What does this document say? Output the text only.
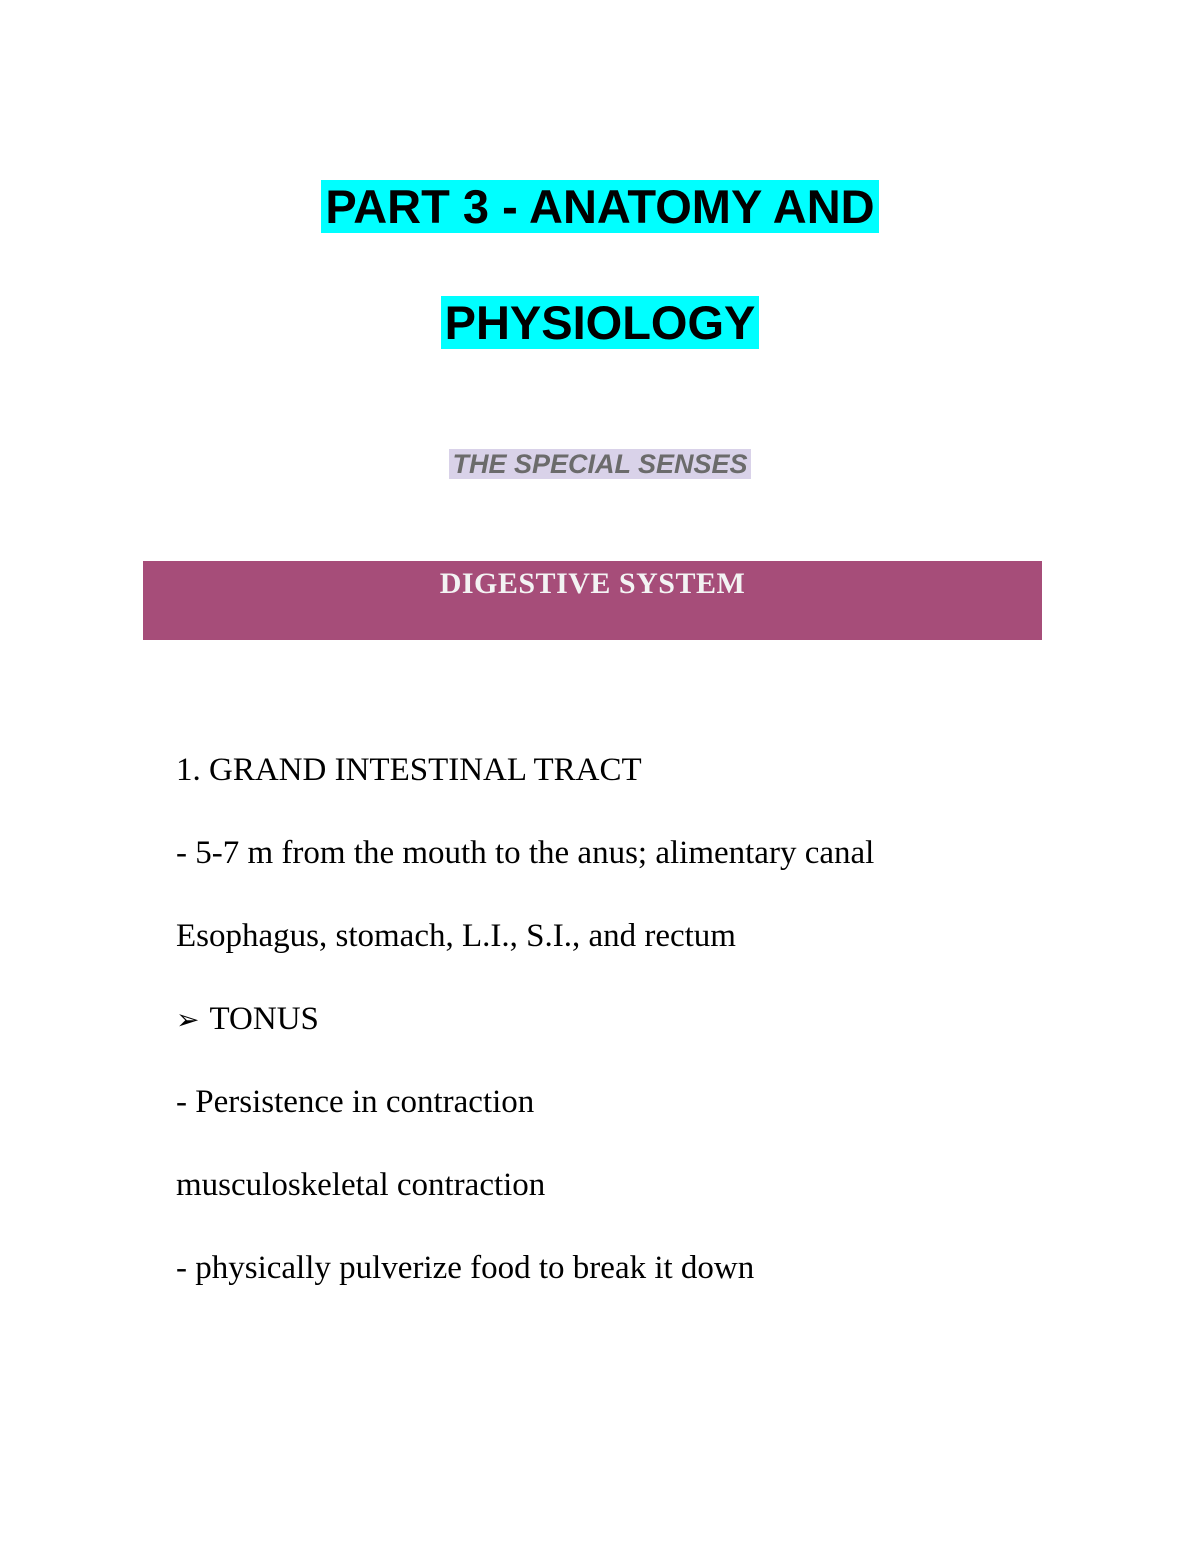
PART 3 - ANATOMY AND
PHYSIOLOGY
THE SPECIAL SENSES
DIGESTIVE SYSTEM
1. GRAND INTESTINAL TRACT
- 5-7 m from the mouth to the anus; alimentary canal
Esophagus, stomach, L.I., S.I., and rectum
➢ TONUS
- Persistence in contraction
musculoskeletal contraction
- physically pulverize food to break it down
